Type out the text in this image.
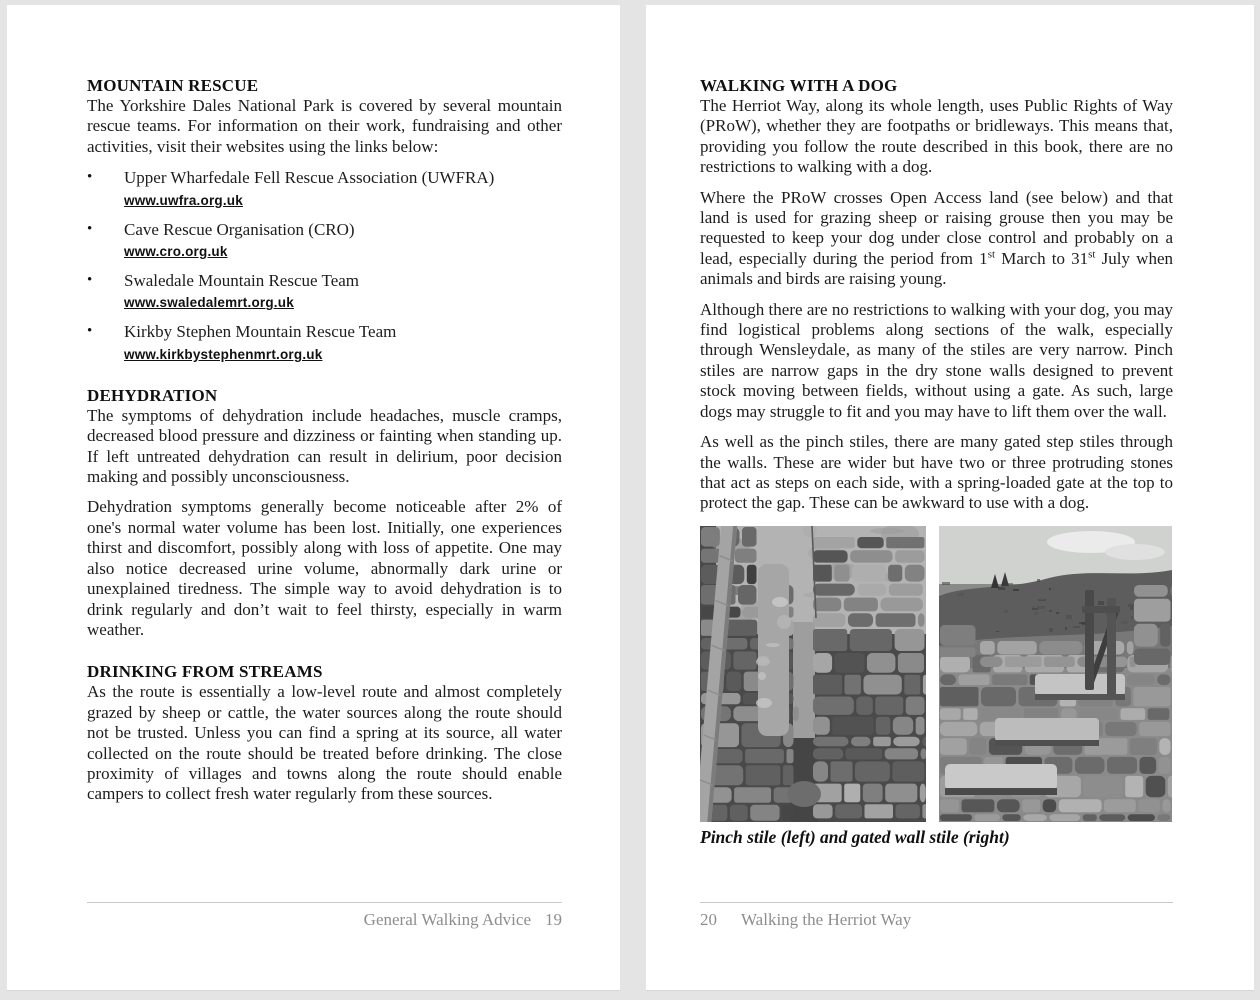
MOUNTAIN RESCUE

The Yorkshire Dales National Park is covered by several mountain rescue teams. For information on their work, fundraising and other activities, visit their websites using the links below:

•	Upper Wharfedale Fell Rescue Association (UWFRA)
www.uwfra.org.uk
•	Cave Rescue Organisation (CRO)
www.cro.org.uk
•	Swaledale Mountain Rescue Team
www.swaledalemrt.org.uk
•	Kirkby Stephen Mountain Rescue Team
www.kirkbystephenmrt.org.uk
DEHYDRATION

The symptoms of dehydration include headaches, muscle cramps, decreased blood pressure and dizziness or fainting when standing up. If left untreated dehydration can result in delirium, poor decision making and possibly unconsciousness.

Dehydration symptoms generally become noticeable after 2% of one's normal water volume has been lost. Initially, one experiences thirst and discomfort, possibly along with loss of appetite. One may also notice decreased urine volume, abnormally dark urine or unexplained tiredness. The simple way to avoid dehydration is to drink regularly and don’t wait to feel thirsty, especially in warm weather.

DRINKING FROM STREAMS

As the route is essentially a low-level route and almost completely grazed by sheep or cattle, the water sources along the route should not be trusted. Unless you can find a spring at its source, all water collected on the route should be treated before drinking. The close proximity of villages and towns along the route should enable campers to collect fresh water regularly from these sources.

General Walking Advice 19
WALKING WITH A DOG

The Herriot Way, along its whole length, uses Public Rights of Way (PRoW), whether they are footpaths or bridleways. This means that, providing you follow the route described in this book, there are no restrictions to walking with a dog.

Where the PRoW crosses Open Access land (see below) and that land is used for grazing sheep or raising grouse then you may be requested to keep your dog under close control and probably on a lead, especially during the period from 1st March to 31st July when animals and birds are raising young.

Although there are no restrictions to walking with your dog, you may find logistical problems along sections of the walk, especially through Wensleydale, as many of the stiles are very narrow. Pinch stiles are narrow gaps in the dry stone walls designed to prevent stock moving between fields, without using a gate. As such, large dogs may struggle to fit and you may have to lift them over the wall.

As well as the pinch stiles, there are many gated step stiles through the walls. These are wider but have two or three protruding stones that act as steps on each side, with a spring-loaded gate at the top to protect the gap. These can be awkward to use with a dog.

Pinch stile (left) and gated wall stile (right)
20 Walking the Herriot Way
